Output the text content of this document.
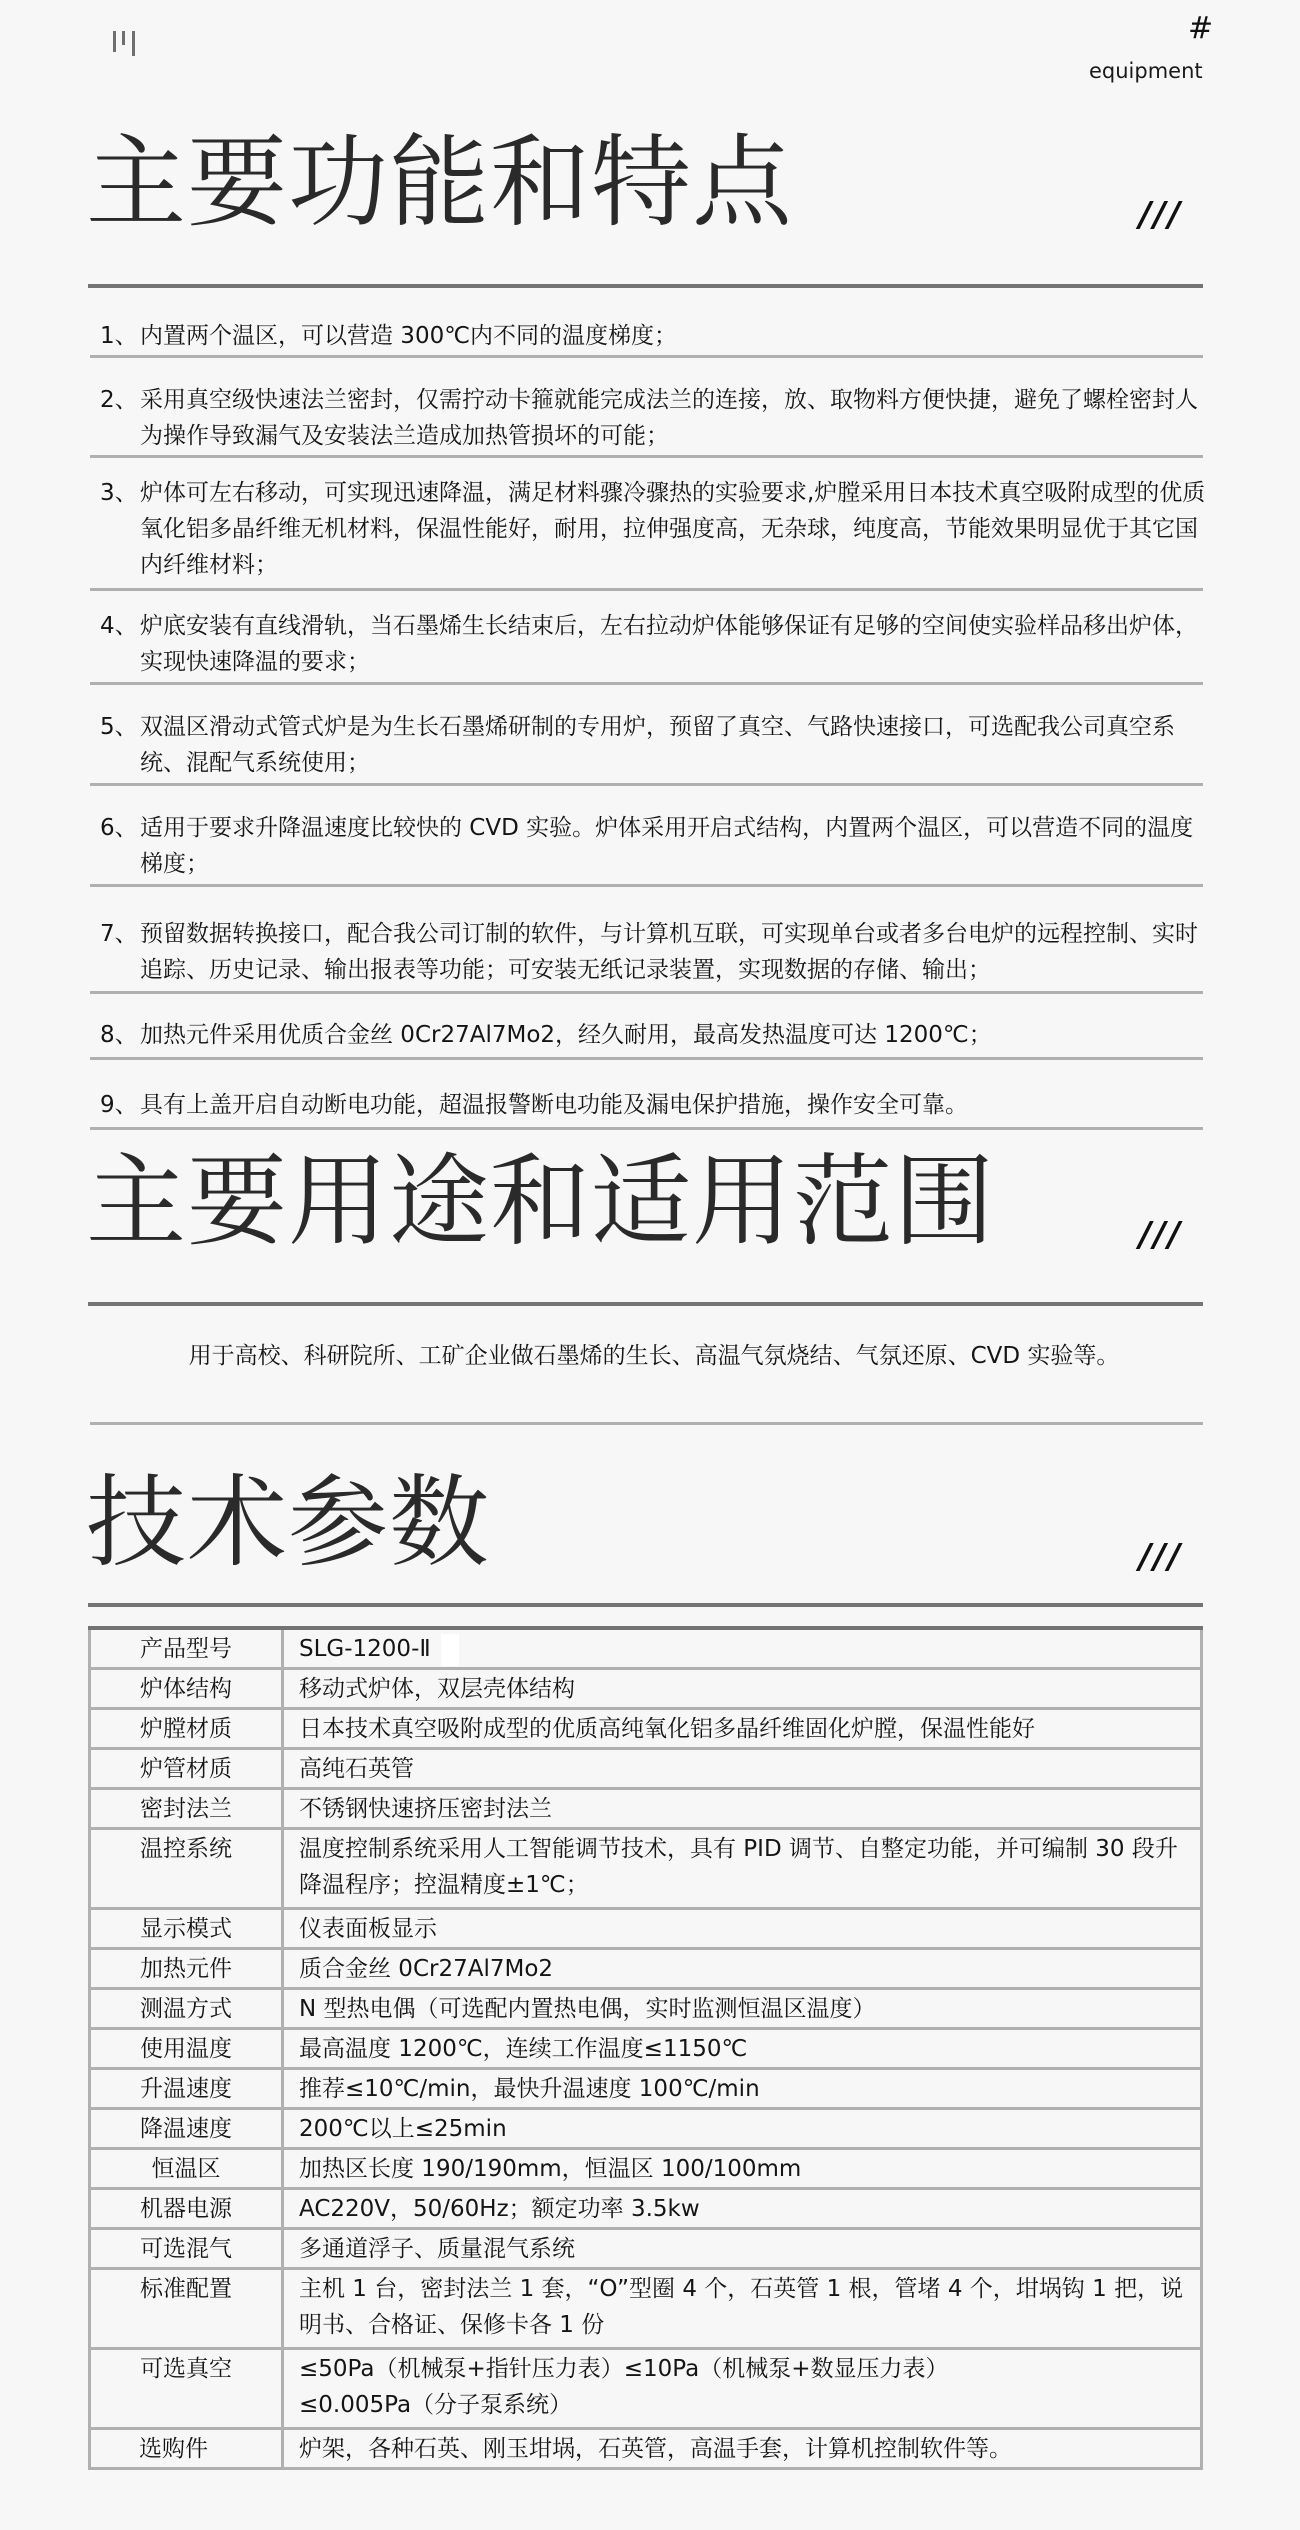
#
equipment
主要功能和特点	///
1、 内置两个温区，可以营造 300℃内不同的温度梯度；
2、 采用真空级快速法兰密封，仅需拧动卡箍就能完成法兰的连接，放、取物料方便快捷，避免了螺栓密封人为操作导致漏气及安装法兰造成加热管损坏的可能；
3、 炉体可左右移动，可实现迅速降温，满足材料骤冷骤热的实验要求,炉膛采用日本技术真空吸附成型的优质氧化铝多晶纤维无机材料，保温性能好，耐用，拉伸强度高，无杂球，纯度高，节能效果明显优于其它国内纤维材料；
4、 炉底安装有直线滑轨，当石墨烯生长结束后，左右拉动炉体能够保证有足够的空间使实验样品移出炉体，实现快速降温的要求；
5、 双温区滑动式管式炉是为生长石墨烯研制的专用炉，预留了真空、气路快速接口，可选配我公司真空系统、混配气系统使用；
6、 适用于要求升降温速度比较快的 CVD 实验。炉体采用开启式结构，内置两个温区，可以营造不同的温度梯度；
7、 预留数据转换接口，配合我公司订制的软件，与计算机互联，可实现单台或者多台电炉的远程控制、实时追踪、历史记录、输出报表等功能；可安装无纸记录装置，实现数据的存储、输出；
8、 加热元件采用优质合金丝 0Cr27Al7Mo2，经久耐用，最高发热温度可达 1200℃；
9、 具有上盖开启自动断电功能，超温报警断电功能及漏电保护措施，操作安全可靠。
主要用途和适用范围	///
用于高校、科研院所、工矿企业做石墨烯的生长、高温气氛烧结、气氛还原、CVD 实验等。
技术参数	///
产品型号	SLG-1200-Ⅱ
炉体结构	移动式炉体，双层壳体结构
炉膛材质	日本技术真空吸附成型的优质高纯氧化铝多晶纤维固化炉膛，保温性能好
炉管材质	高纯石英管
密封法兰	不锈钢快速挤压密封法兰
温控系统	温度控制系统采用人工智能调节技术，具有 PID 调节、自整定功能，并可编制 30 段升降温程序；控温精度±1℃；
显示模式	仪表面板显示
加热元件	质合金丝 0Cr27Al7Mo2
测温方式	N 型热电偶（可选配内置热电偶，实时监测恒温区温度）
使用温度	最高温度 1200℃，连续工作温度≤1150℃
升温速度	推荐≤10℃/min，最快升温速度 100℃/min
降温速度	200℃以上≤25min
恒温区	加热区长度 190/190mm，恒温区 100/100mm
机器电源	AC220V，50/60Hz；额定功率 3.5kw
可选混气	多通道浮子、质量混气系统
标准配置	主机 1 台，密封法兰 1 套，“O”型圈 4 个，石英管 1 根，管堵 4 个，坩埚钩 1 把，说明书、合格证、保修卡各 1 份
可选真空	≤50Pa（机械泵+指针压力表）≤10Pa（机械泵+数显压力表）
≤0.005Pa（分子泵系统）

选购件	炉架，各种石英、刚玉坩埚，石英管，高温手套，计算机控制软件等。
